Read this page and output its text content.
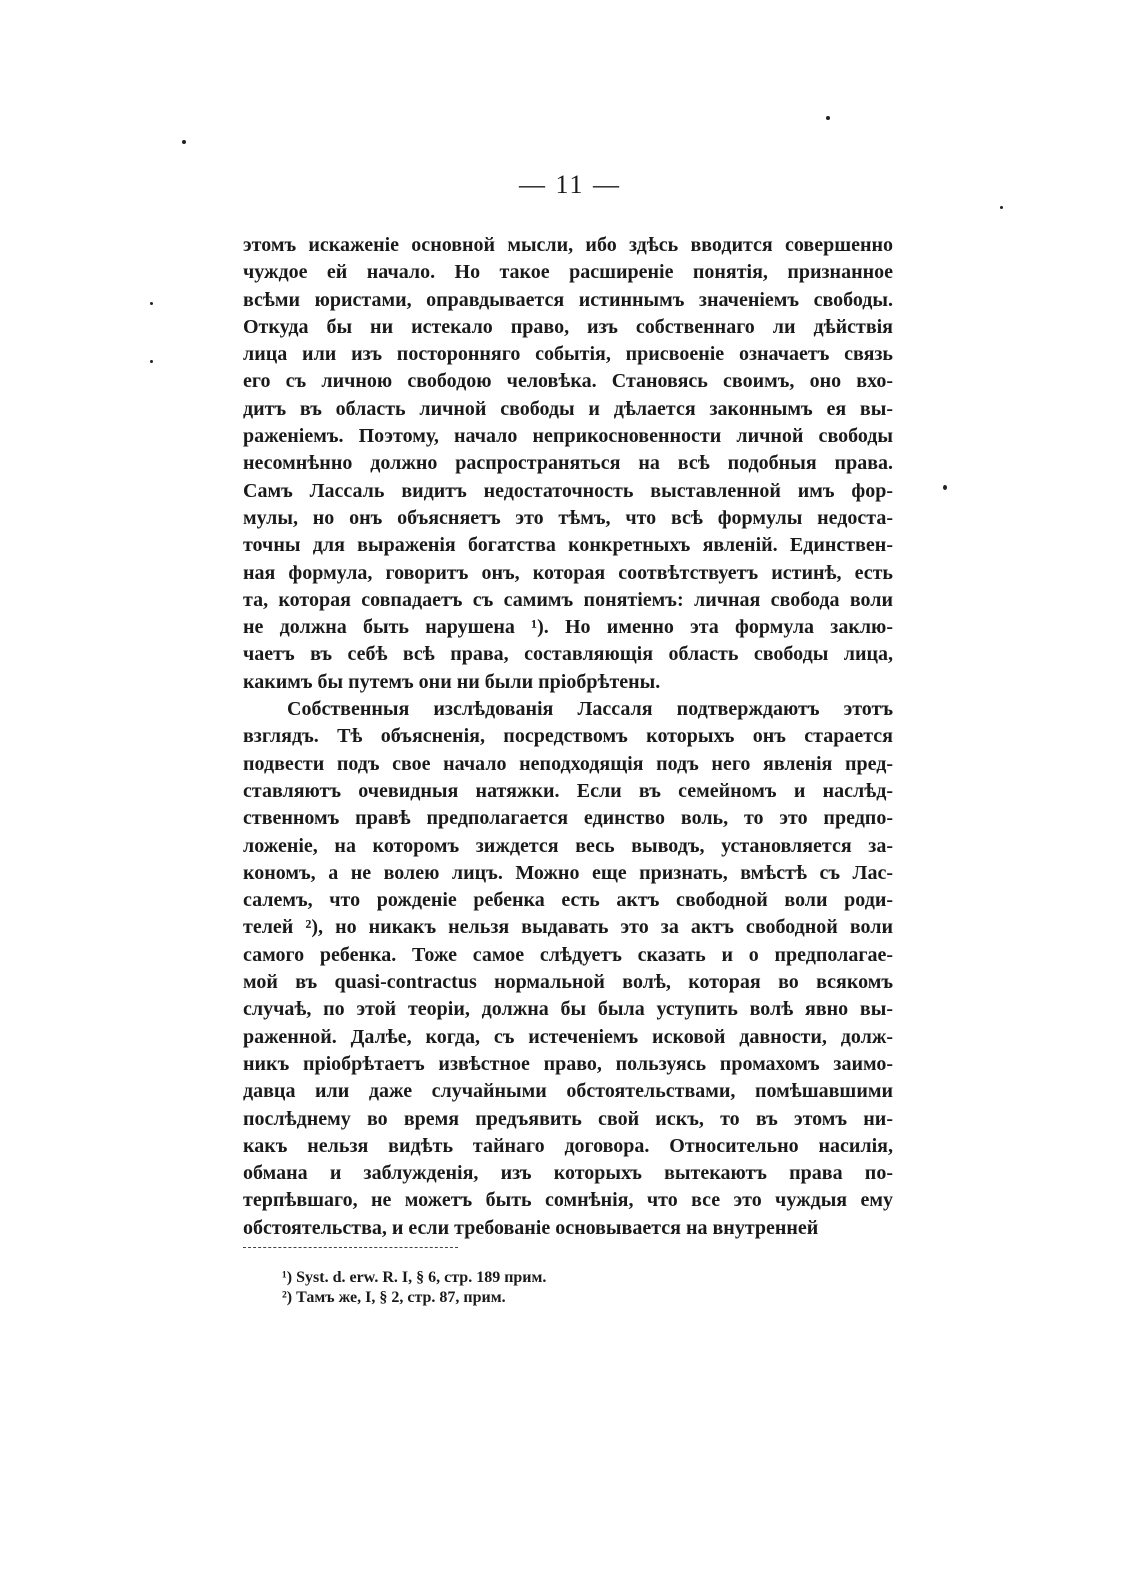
— 11 —
этомъ искаженіе основной мысли, ибо здѣсь вводится совершенно
чуждое ей начало. Но такое расширеніе понятія, признанное
всѣми юристами, оправдывается истиннымъ значеніемъ свободы.
Откуда бы ни истекало право, изъ собственнаго ли дѣйствія
лица или изъ посторонняго событія, присвоеніе означаетъ связь
его съ личною свободою человѣка. Становясь своимъ, оно вхо-
дитъ въ область личной свободы и дѣлается законнымъ ея вы-
раженіемъ. Поэтому, начало неприкосновенности личной свободы
несомнѣнно должно распространяться на всѣ подобныя права.
Самъ Лассаль видитъ недостаточность выставленной имъ фор-
мулы, но онъ объясняетъ это тѣмъ, что всѣ формулы недоста-
точны для выраженія богатства конкретныхъ явленій. Единствен-
ная формула, говоритъ онъ, которая соотвѣтствуетъ истинѣ, есть
та, которая совпадаетъ съ самимъ понятіемъ: личная свобода воли
не должна быть нарушена ¹). Но именно эта формула заклю-
чаетъ въ себѣ всѣ права, составляющія область свободы лица,
какимъ бы путемъ они ни были пріобрѣтены.
Собственныя изслѣдованія Лассаля подтверждаютъ этотъ
взглядъ. Тѣ объясненія, посредствомъ которыхъ онъ старается
подвести подъ свое начало неподходящія подъ него явленія пред-
ставляютъ очевидныя натяжки. Если въ семейномъ и наслѣд-
ственномъ правѣ предполагается единство воль, то это предпо-
ложеніе, на которомъ зиждется весь выводъ, установляется за-
кономъ, а не волею лицъ. Можно еще признать, вмѣстѣ съ Лас-
салемъ, что рожденіе ребенка есть актъ свободной воли роди-
телей ²), но никакъ нельзя выдавать это за актъ свободной воли
самого ребенка. Тоже самое слѣдуетъ сказать и о предполагае-
мой въ quasi-contractus нормальной волѣ, которая во всякомъ
случаѣ, по этой теоріи, должна бы была уступить волѣ явно вы-
раженной. Далѣе, когда, съ истеченіемъ исковой давности, долж-
никъ пріобрѣтаетъ извѣстное право, пользуясь промахомъ заимо-
давца или даже случайными обстоятельствами, помѣшавшими
послѣднему во время предъявить свой искъ, то въ этомъ ни-
какъ нельзя видѣть тайнаго договора. Относительно насилія,
обмана и заблужденія, изъ которыхъ вытекаютъ права по-
терпѣвшаго, не можетъ быть сомнѣнія, что все это чуждыя ему
обстоятельства, и если требованіе основывается на внутренней
¹) Syst. d. erw. R. I, § 6, стр. 189 прим.
²) Тамъ же, I, § 2, стр. 87, прим.
